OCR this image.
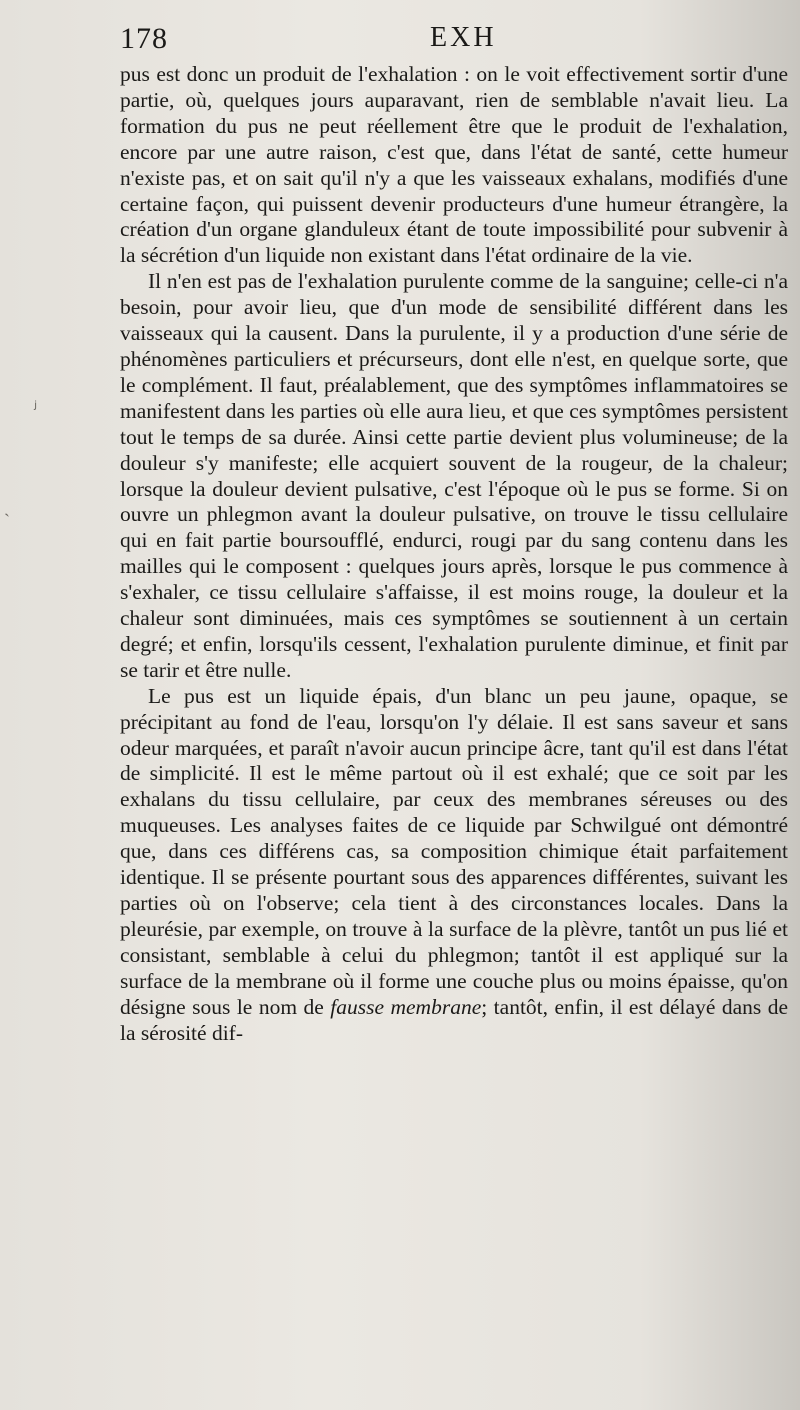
178	EXH

pus est donc un produit de l'exhalation : on le voit effectivement sortir d'une partie, où, quelques jours auparavant, rien de semblable n'avait lieu. La formation du pus ne peut réellement être que le produit de l'exhalation, encore par une autre raison, c'est que, dans l'état de santé, cette humeur n'existe pas, et on sait qu'il n'y a que les vaisseaux exhalans, modifiés d'une certaine façon, qui puissent devenir producteurs d'une humeur étrangère, la création d'un organe glanduleux étant de toute impossibilité pour subvenir à la sécrétion d'un liquide non existant dans l'état ordinaire de la vie.

Il n'en est pas de l'exhalation purulente comme de la sanguine; celle-ci n'a besoin, pour avoir lieu, que d'un mode de sensibilité différent dans les vaisseaux qui la causent. Dans la purulente, il y a production d'une série de phénomènes particuliers et précurseurs, dont elle n'est, en quelque sorte, que le complément. Il faut, préalablement, que des symptômes inflammatoires se manifestent dans les parties où elle aura lieu, et que ces symptômes persistent tout le temps de sa durée. Ainsi cette partie devient plus volumineuse; de la douleur s'y manifeste; elle acquiert souvent de la rougeur, de la chaleur; lorsque la douleur devient pulsative, c'est l'époque où le pus se forme. Si on ouvre un phlegmon avant la douleur pulsative, on trouve le tissu cellulaire qui en fait partie boursoufflé, endurci, rougi par du sang contenu dans les mailles qui le composent : quelques jours après, lorsque le pus commence à s'exhaler, ce tissu cellulaire s'affaisse, il est moins rouge, la douleur et la chaleur sont diminuées, mais ces symptômes se soutiennent à un certain degré; et enfin, lorsqu'ils cessent, l'exhalation purulente diminue, et finit par se tarir et être nulle.

Le pus est un liquide épais, d'un blanc un peu jaune, opaque, se précipitant au fond de l'eau, lorsqu'on l'y délaie. Il est sans saveur et sans odeur marquées, et paraît n'avoir aucun principe âcre, tant qu'il est dans l'état de simplicité. Il est le même partout où il est exhalé; que ce soit par les exhalans du tissu cellulaire, par ceux des membranes séreuses ou des muqueuses. Les analyses faites de ce liquide par Schwilgué ont démontré que, dans ces différens cas, sa composition chimique était parfaitement identique. Il se présente pourtant sous des apparences différentes, suivant les parties où on l'observe; cela tient à des circonstances locales. Dans la pleurésie, par exemple, on trouve à la surface de la plèvre, tantôt un pus lié et consistant, semblable à celui du phlegmon; tantôt il est appliqué sur la surface de la membrane où il forme une couche plus ou moins épaisse, qu'on désigne sous le nom de fausse membrane; tantôt, enfin, il est délayé dans de la sérosité dif-

ⱼ
˴
